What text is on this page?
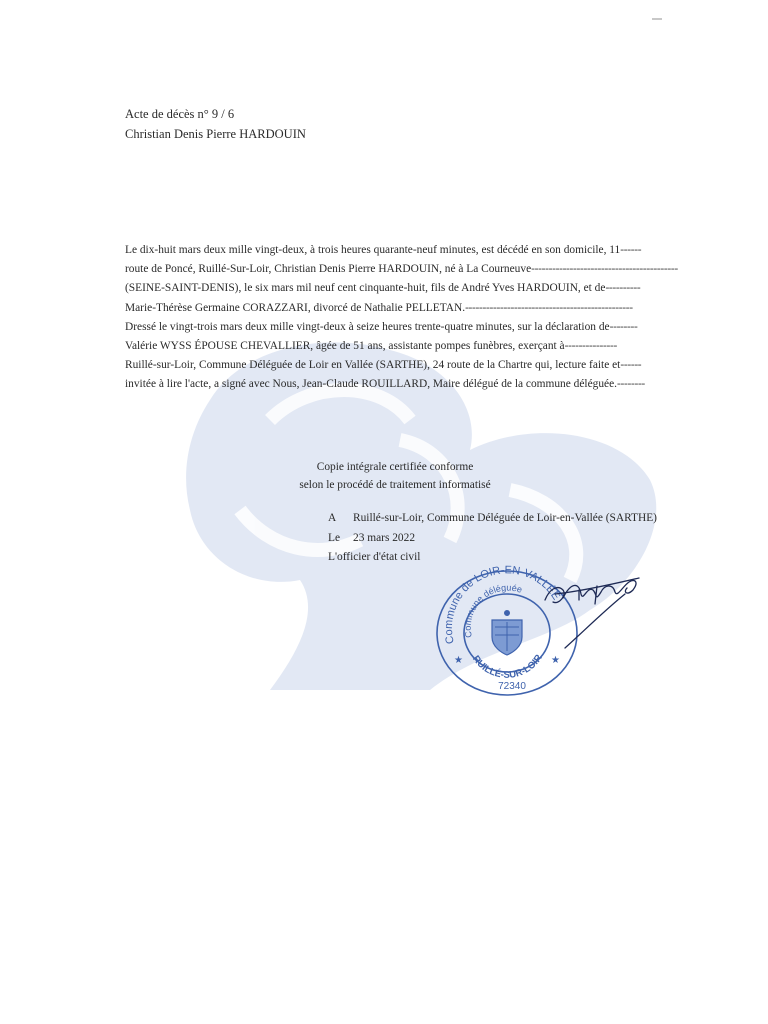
Acte de décès n° 9 / 6
Christian Denis Pierre HARDOUIN
Le dix-huit mars deux mille vingt-deux, à trois heures quarante-neuf minutes, est décédé en son domicile, 11 ------
route de Poncé, Ruillé-Sur-Loir, Christian Denis Pierre HARDOUIN, né à La Courneuve ------------------------------------------
(SEINE-SAINT-DENIS), le six mars mil neuf cent cinquante-huit, fils de André Yves HARDOUIN, et de ----------
Marie-Thérèse Germaine CORAZZARI, divorcé de Nathalie PELLETAN. ------------------------------------------------
Dressé le vingt-trois mars deux mille vingt-deux à seize heures trente-quatre minutes, sur la déclaration de --------
Valérie WYSS ÉPOUSE CHEVALLIER, âgée de 51 ans, assistante pompes funèbres, exerçant à ---------------
Ruillé-sur-Loir, Commune Déléguée de Loir en Vallée (SARTHE), 24 route de la Chartre qui, lecture faite et ------
invitée à lire l'acte, a signé avec Nous, Jean-Claude ROUILLARD, Maire délégué de la commune déléguée. --------
Copie intégrale certifiée conforme
selon le procédé de traitement informatisé
A	Ruillé-sur-Loir, Commune Déléguée de Loir-en-Vallée (SARTHE)
Le	23 mars 2022
L'officier d'état civil
Commune de LOIR-EN-VALLÉE
Commune déléguée
RUILLÉ-SUR-LOIR
72340
★	★
